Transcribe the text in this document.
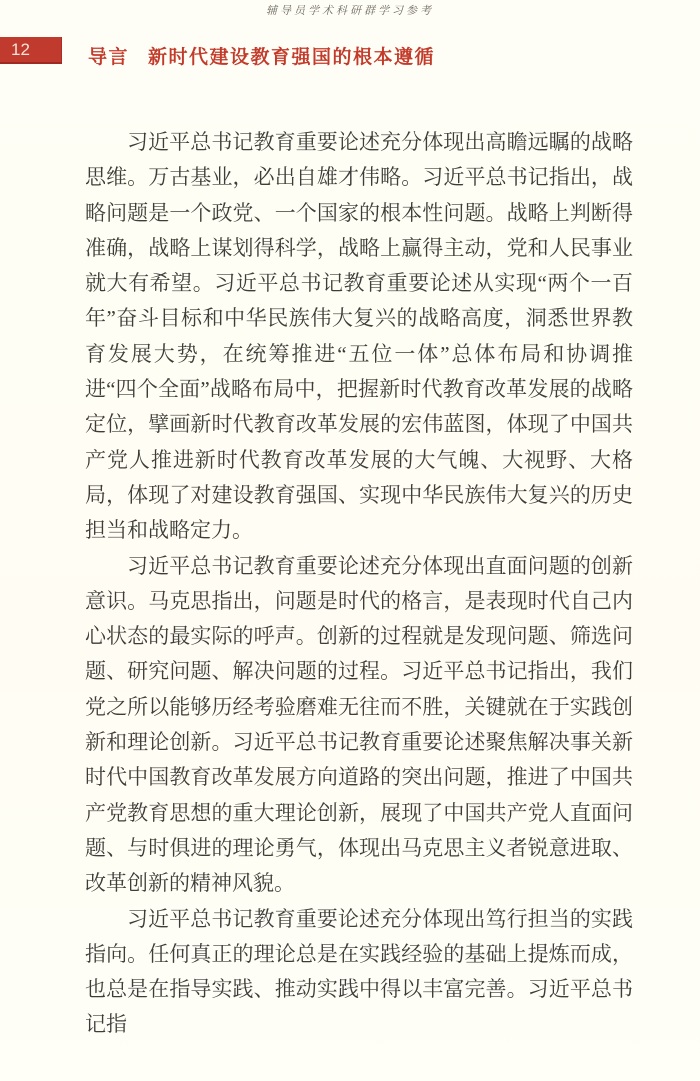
辅导员学术科研群学习参考
12	导言 新时代建设教育强国的根本遵循

习近平总书记教育重要论述充分体现出高瞻远瞩的战略思维。万古基业，必出自雄才伟略。习近平总书记指出，战略问题是一个政党、一个国家的根本性问题。战略上判断得准确，战略上谋划得科学，战略上赢得主动，党和人民事业就大有希望。习近平总书记教育重要论述从实现“两个一百年”奋斗目标和中华民族伟大复兴的战略高度，洞悉世界教育发展大势，在统筹推进“五位一体”总体布局和协调推进“四个全面”战略布局中，把握新时代教育改革发展的战略定位，擘画新时代教育改革发展的宏伟蓝图，体现了中国共产党人推进新时代教育改革发展的大气魄、大视野、大格局，体现了对建设教育强国、实现中华民族伟大复兴的历史担当和战略定力。

习近平总书记教育重要论述充分体现出直面问题的创新意识。马克思指出，问题是时代的格言，是表现时代自己内心状态的最实际的呼声。创新的过程就是发现问题、筛选问题、研究问题、解决问题的过程。习近平总书记指出，我们党之所以能够历经考验磨难无往而不胜，关键就在于实践创新和理论创新。习近平总书记教育重要论述聚焦解决事关新时代中国教育改革发展方向道路的突出问题，推进了中国共产党教育思想的重大理论创新，展现了中国共产党人直面问题、与时俱进的理论勇气，体现出马克思主义者锐意进取、改革创新的精神风貌。

习近平总书记教育重要论述充分体现出笃行担当的实践指向。任何真正的理论总是在实践经验的基础上提炼而成，也总是在指导实践、推动实践中得以丰富完善。习近平总书记指
